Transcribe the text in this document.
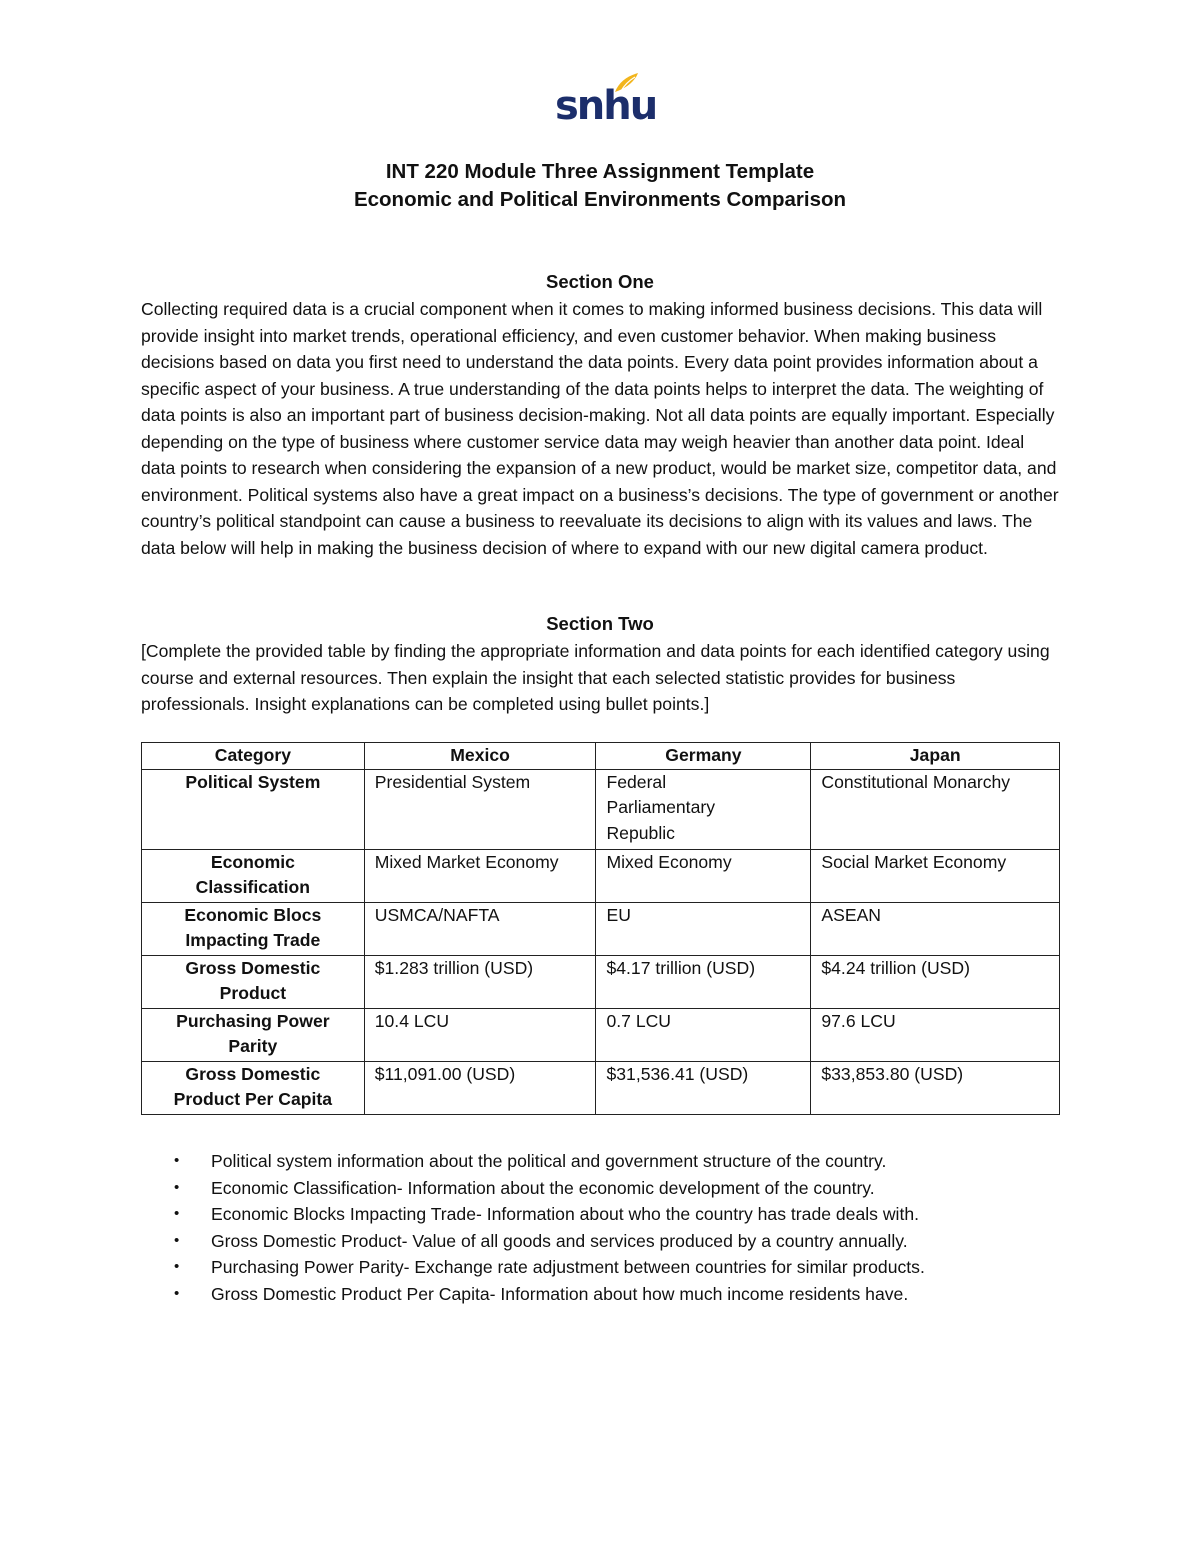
snhu
INT 220 Module Three Assignment Template
Economic and Political Environments Comparison
Section One
Collecting required data is a crucial component when it comes to making informed business decisions. This data will provide insight into market trends, operational efficiency, and even customer behavior. When making business decisions based on data you first need to understand the data points. Every data point provides information about a specific aspect of your business. A true understanding of the data points helps to interpret the data. The weighting of data points is also an important part of business decision-making. Not all data points are equally important. Especially depending on the type of business where customer service data may weigh heavier than another data point. Ideal data points to research when considering the expansion of a new product, would be market size, competitor data, and environment. Political systems also have a great impact on a business’s decisions. The type of government or another country’s political standpoint can cause a business to reevaluate its decisions to align with its values and laws. The data below will help in making the business decision of where to expand with our new digital camera product.
Section Two
[Complete the provided table by finding the appropriate information and data points for each identified category using course and external resources. Then explain the insight that each selected statistic provides for business professionals. Insight explanations can be completed using bullet points.]
Category	Mexico	Germany	Japan
Political System	Presidential System	Federal Parliamentary Republic	Constitutional Monarchy
Economic Classification	Mixed Market Economy	Mixed Economy	Social Market Economy
Economic Blocs Impacting Trade	USMCA/NAFTA	EU	ASEAN
Gross Domestic Product	$1.283 trillion (USD)	$4.17 trillion (USD)	$4.24 trillion (USD)
Purchasing Power Parity	10.4 LCU	0.7 LCU	97.6 LCU
Gross Domestic Product Per Capita	$11,091.00 (USD)	$31,536.41 (USD)	$33,853.80 (USD)
• Political system information about the political and government structure of the country.
• Economic Classification- Information about the economic development of the country.
• Economic Blocks Impacting Trade- Information about who the country has trade deals with.
• Gross Domestic Product- Value of all goods and services produced by a country annually.
• Purchasing Power Parity- Exchange rate adjustment between countries for similar products.
• Gross Domestic Product Per Capita- Information about how much income residents have.
